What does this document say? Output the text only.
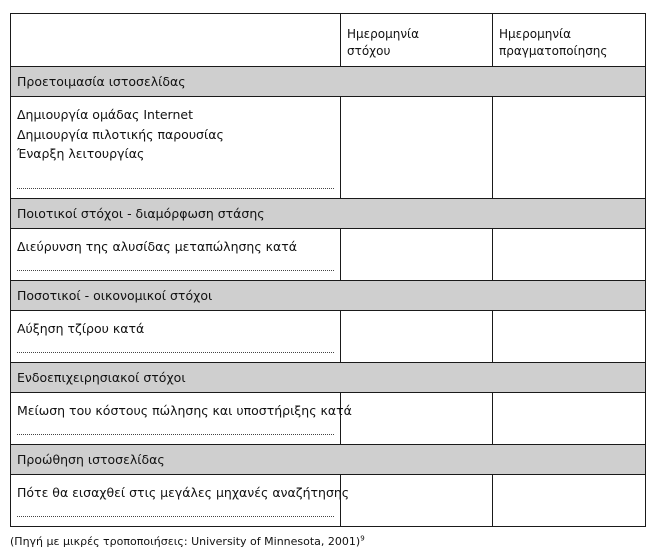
	Ημερομηνία
στόχου	Ημερομηνία
πραγματοποίησης

Προετοιμασία ιστοσελίδας		

Δημιουργία ομάδας Internet
Δημιουργία πιλοτικής παρουσίας
Έναρξη λειτουργίας		

Ποιοτικοί στόχοι - διαμόρφωση στάσης		

Διεύρυνση της αλυσίδας μεταπώλησης κατά		

Ποσοτικοί - οικονομικοί στόχοι		

Αύξηση τζίρου κατά		

Ενδοεπιχειρησιακοί στόχοι		

Μείωση του κόστους πώλησης και υποστήριξης κατά		

Προώθηση ιστοσελίδας		

Πότε θα εισαχθεί στις μεγάλες μηχανές αναζήτησης		

(Πηγή με μικρές τροποποιήσεις: University of Minnesota, 2001)$^9$
